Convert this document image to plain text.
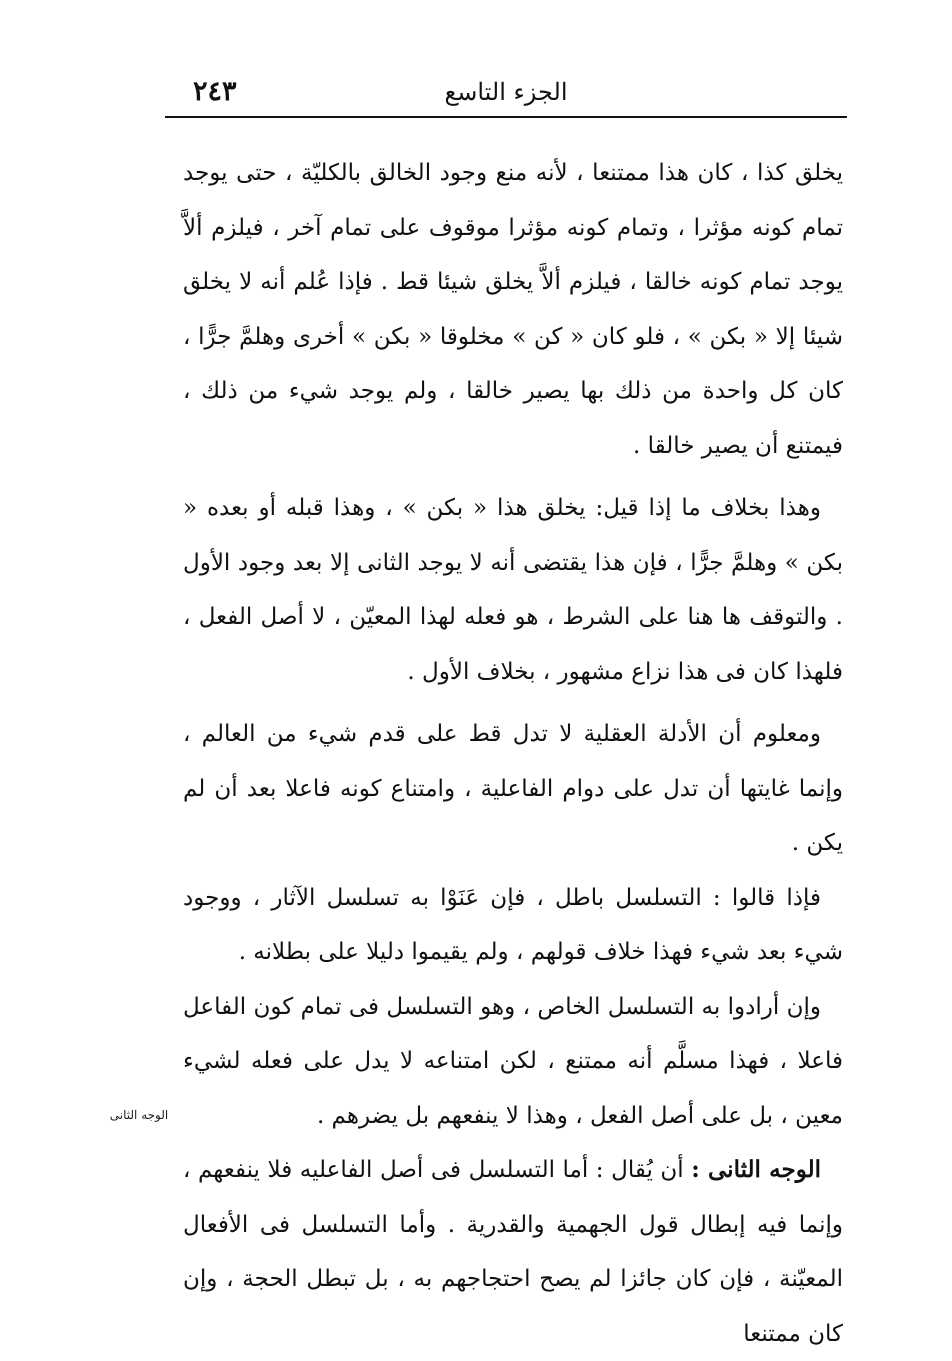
٢٤٣	الجزء التاسع
الوجه الثانى

يخلق كذا ، كان هذا ممتنعا ، لأنه منع وجود الخالق بالكليّة ، حتى يوجد تمام كونه مؤثرا ، وتمام كونه مؤثرا موقوف على تمام آخر ، فيلزم ألاَّ يوجد تمام كونه خالقا ، فيلزم ألاَّ يخلق شيئا قط . فإذا عُلم أنه لا يخلق شيئا إلا « بكن » ، فلو كان « كن » مخلوقا « بكن » أخرى وهلمَّ جرًّا ، كان كل واحدة من ذلك بها يصير خالقا ، ولم يوجد شيء من ذلك ، فيمتنع أن يصير خالقا .

وهذا بخلاف ما إذا قيل: يخلق هذا « بكن » ، وهذا قبله أو بعده « بكن » وهلمَّ جرًّا ، فإن هذا يقتضى أنه لا يوجد الثانى إلا بعد وجود الأول . والتوقف ها هنا على الشرط ، هو فعله لهذا المعيّن ، لا أصل الفعل ، فلهذا كان فى هذا نزاع مشهور ، بخلاف الأول .

ومعلوم أن الأدلة العقلية لا تدل قط على قدم شيء من العالم ، وإنما غايتها أن تدل على دوام الفاعلية ، وامتناع كونه فاعلا بعد أن لم يكن .

فإذا قالوا : التسلسل باطل ، فإن عَنَوْا به تسلسل الآثار ، ووجود شيء بعد شيء فهذا خلاف قولهم ، ولم يقيموا دليلا على بطلانه .

وإن أرادوا به التسلسل الخاص ، وهو التسلسل فى تمام كون الفاعل فاعلا ، فهذا مسلَّم أنه ممتنع ، لكن امتناعه لا يدل على فعله لشيء معين ، بل على أصل الفعل ، وهذا لا ينفعهم بل يضرهم .

الوجه الثانى : أن يُقال : أما التسلسل فى أصل الفاعليه فلا ينفعهم ، وإنما فيه إبطال قول الجهمية والقدرية . وأما التسلسل فى الأفعال المعيّنة ، فإن كان جائزا لم يصح احتجاجهم به ، بل تبطل الحجة ، وإن كان ممتنعا
